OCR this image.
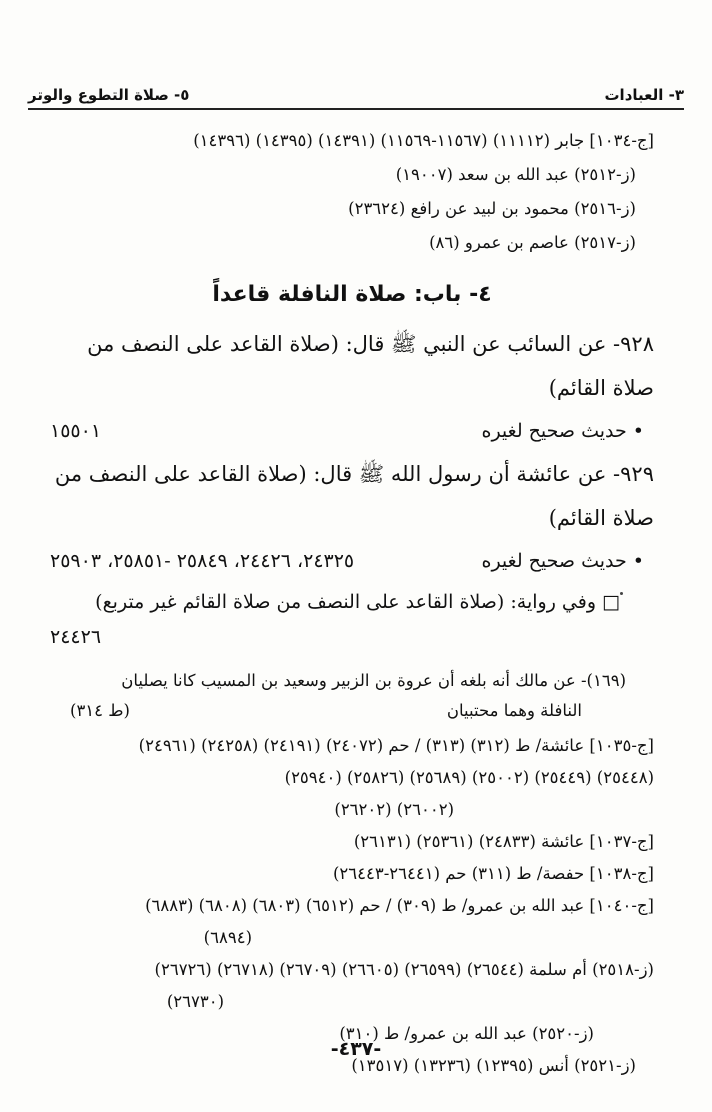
٣- العبادات
٥- صلاة التطوع والوتر
[ج-١٠٣٤] جابر (١١١١٢) (١١٥٦٧-١١٥٦٩) (١٤٣٩١) (١٤٣٩٥) (١٤٣٩٦)
(ز-٢٥١٢) عبد الله بن سعد (١٩٠٠٧)
(ز-٢٥١٦) محمود بن لبيد عن رافع (٢٣٦٢٤)
(ز-٢٥١٧) عاصم بن عمرو (٨٦)
٤- باب: صلاة النافلة قاعداً
٩٢٨- عن السائب عن النبي ﷺ قال: (صلاة القاعد على النصف من صلاة القائم)
• حديث صحيح لغيره
١٥٥٠١
٩٢٩- عن عائشة أن رسول الله ﷺ قال: (صلاة القاعد على النصف من صلاة القائم)
• حديث صحيح لغيره
٢٤٣٢٥، ٢٤٤٢٦، ٢٥٨٤٩ -٢٥٨٥١، ٢٥٩٠٣
□ وفي رواية: (صلاة القاعد على النصف من صلاة القائم غير متربع)
٢٤٤٢٦
(١٦٩)- عن مالك أنه بلغه أن عروة بن الزبير وسعيد بن المسيب كانا يصليان
النافلة وهما محتبيان
(ط ٣١٤)
[ج-١٠٣٥] عائشة/ ط (٣١٢) (٣١٣) / حم (٢٤٠٧٢) (٢٤١٩١) (٢٤٢٥٨) (٢٤٩٦١)
(٢٥٤٤٨) (٢٥٤٤٩) (٢٥٠٠٢) (٢٥٦٨٩) (٢٥٨٢٦) (٢٥٩٤٠)
(٢٦٠٠٢) (٢٦٢٠٢)
[ج-١٠٣٧] عائشة (٢٤٨٣٣) (٢٥٣٦١) (٢٦١٣١)
[ج-١٠٣٨] حفصة/ ط (٣١١) حم (٢٦٤٤١-٢٦٤٤٣)
[ج-١٠٤٠] عبد الله بن عمرو/ ط (٣٠٩) / حم (٦٥١٢) (٦٨٠٣) (٦٨٠٨) (٦٨٨٣)
(٦٨٩٤)
(ز-٢٥١٨) أم سلمة (٢٦٥٤٤) (٢٦٥٩٩) (٢٦٦٠٥) (٢٦٧٠٩) (٢٦٧١٨) (٢٦٧٢٦)
(٢٦٧٣٠)
(ز-٢٥٢٠) عبد الله بن عمرو/ ط (٣١٠)
(ز-٢٥٢١) أنس (١٢٣٩٥) (١٣٢٣٦) (١٣٥١٧)
-٤٣٧-
